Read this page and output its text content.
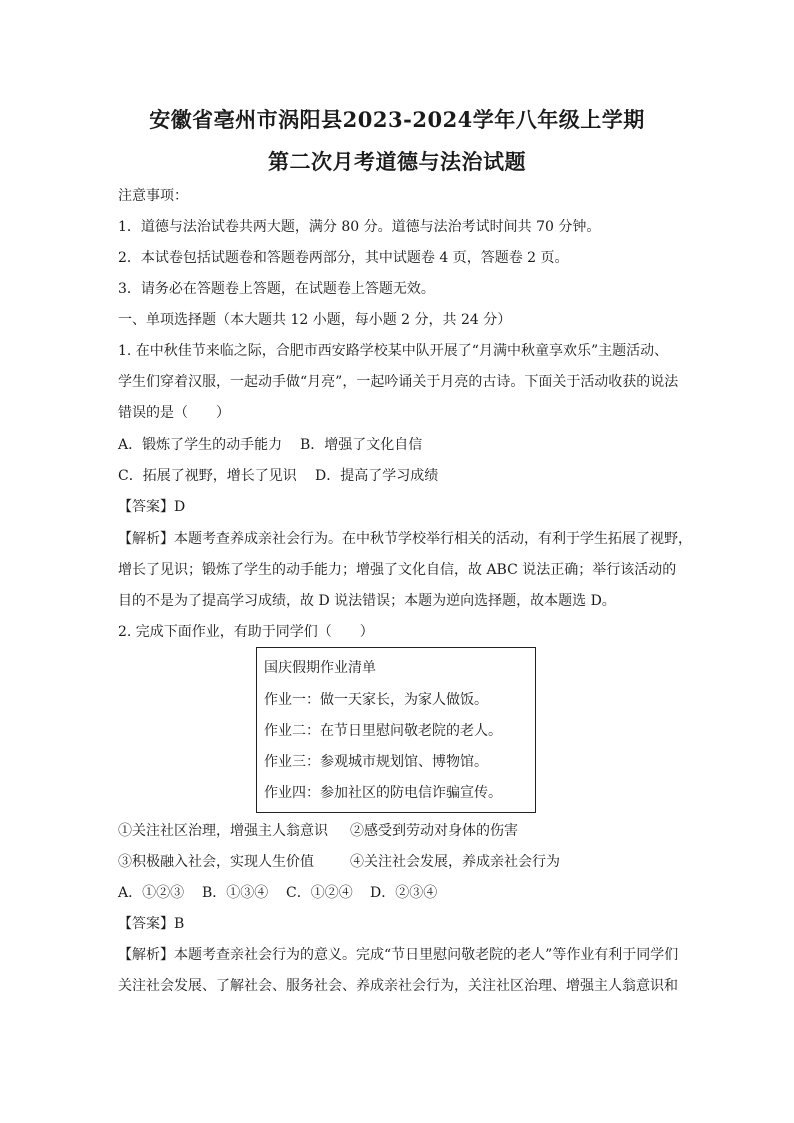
安徽省亳州市涡阳县2023-2024学年八年级上学期
第二次月考道德与法治试题
注意事项：
1．道德与法治试卷共两大题，满分 80 分。道德与法治考试时间共 70 分钟。
2．本试卷包括试题卷和答题卷两部分，其中试题卷 4 页，答题卷 2 页。
3．请务必在答题卷上答题，在试题卷上答题无效。
一、单项选择题（本大题共 12 小题，每小题 2 分，共 24 分）
1. 在中秋佳节来临之际，合肥市西安路学校某中队开展了“月满中秋童享欢乐”主题活动、
学生们穿着汉服，一起动手做“月亮”，一起吟诵关于月亮的古诗。下面关于活动收获的说法
错误的是（　　）
A．锻炼了学生的动手能力 B．增强了文化自信
C．拓展了视野，增长了见识 D．提高了学习成绩
【答案】D
【解析】本题考查养成亲社会行为。在中秋节学校举行相关的活动，有利于学生拓展了视野，
增长了见识；锻炼了学生的动手能力；增强了文化自信，故 ABC 说法正确；举行该活动的
目的不是为了提高学习成绩，故 D 说法错误；本题为逆向选择题，故本题选 D。
2. 完成下面作业，有助于同学们（　　）
国庆假期作业清单
作业一：做一天家长，为家人做饭。
作业二：在节日里慰问敬老院的老人。
作业三：参观城市规划馆、博物馆。
作业四：参加社区的防电信诈骗宣传。
①关注社区治理，增强主人翁意识 ②感受到劳动对身体的伤害
③积极融入社会，实现人生价值	④关注社会发展，养成亲社会行为
A．①②③ B．①③④ C．①②④ D．②③④
【答案】B
【解析】本题考查亲社会行为的意义。完成“节日里慰问敬老院的老人”等作业有利于同学们
关注社会发展、了解社会、服务社会、养成亲社会行为，关注社区治理、增强主人翁意识和
